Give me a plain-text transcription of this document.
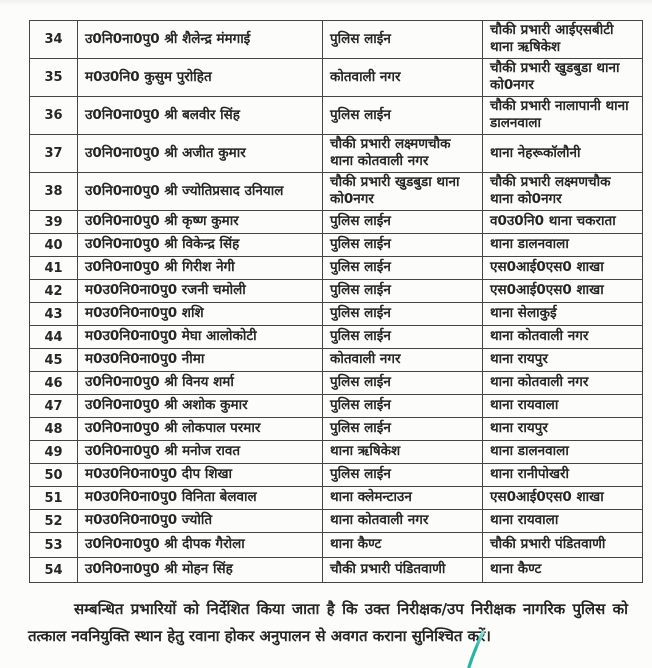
34	उ0नि0ना0पु0 श्री शैलेन्द्र मंमगाई	पुलिस लाईन	चौकी प्रभारी आईएसबीटी थाना ऋषिकेश
35	म0उ0नि0 कुसुम पुरोहित	कोतवाली नगर	चौकी प्रभारी खुडबुडा थाना को0नगर
36	उ0नि0ना0पु0 श्री बलवीर सिंह	पुलिस लाईन	चौकी प्रभारी नालापानी थाना डालनवाला
37	उ0नि0ना0पु0 श्री अजीत कुमार	चौकी प्रभारी लक्ष्मणचौक थाना कोतवाली नगर	थाना नेहरूकॉलौनी
38	उ0नि0ना0पु0 श्री ज्योतिप्रसाद उनियाल	चौकी प्रभारी खुडबुडा थाना को0नगर	चौकी प्रभारी लक्ष्मणचौक थाना को0नगर
39	उ0नि0ना0पु0 श्री कृष्ण कुमार	पुलिस लाईन	व0उ0नि0 थाना चकराता
40	उ0नि0ना0पु0 श्री विकेन्द्र सिंह	पुलिस लाईन	थाना डालनवाला
41	उ0नि0ना0पु0 श्री गिरीश नेगी	पुलिस लाईन	एस0आई0एस0 शाखा
42	म0उ0नि0ना0पु0 रजनी चमोली	पुलिस लाईन	एस0आई0एस0 शाखा
43	म0उ0नि0ना0पु0 शशि	पुलिस लाईन	थाना सेलाकुई
44	म0उ0नि0ना0पु0 मेघा आलोकोटी	पुलिस लाईन	थाना कोतवाली नगर
45	म0उ0नि0ना0पु0 नीमा	कोतवाली नगर	थाना रायपुर
46	उ0नि0ना0पु0 श्री विनय शर्मा	पुलिस लाईन	थाना कोतवाली नगर
47	उ0नि0ना0पु0 श्री अशोक कुमार	पुलिस लाईन	थाना रायवाला
48	उ0नि0ना0पु0 श्री लोकपाल परमार	पुलिस लाईन	थाना रायपुर
49	उ0नि0ना0पु0 श्री मनोज रावत	थाना ऋषिकेश	थाना डालनवाला
50	म0उ0नि0ना0पु0 दीप शिखा	पुलिस लाईन	थाना रानीपोखरी
51	म0उ0नि0ना0पु0 विनिता बेलवाल	थाना क्लेमन्टाउन	एस0आई0एस0 शाखा
52	म0उ0नि0ना0पु0 ज्योति	थाना कोतवाली नगर	थाना रायवाला
53	उ0नि0ना0पु0 श्री दीपक गैरोला	थाना कैण्ट	चौकी प्रभारी पंडितवाणी
54	उ0नि0ना0पु0 श्री मोहन सिंह	चौकी प्रभारी पंडितवाणी	थाना कैण्ट

सम्बन्धित प्रभारियों को निर्देशित किया जाता है कि उक्त निरीक्षक/उप निरीक्षक नागरिक पुलिस को तत्काल नवनियुक्ति स्थान हेतु रवाना होकर अनुपालन से अवगत कराना सुनिश्चित करें।
